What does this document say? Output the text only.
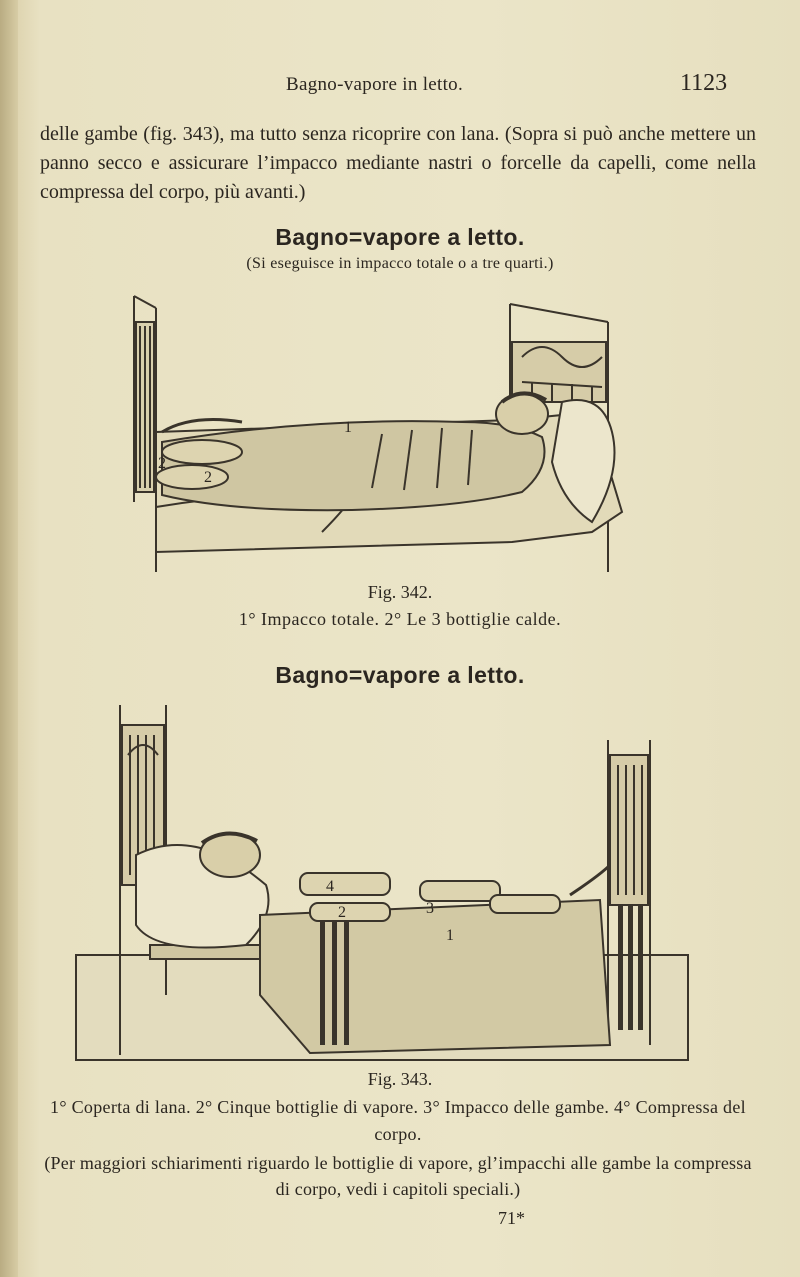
Bagno-vapore in letto.	1123

delle gambe (fig. 343), ma tutto senza ricoprire con lana. (Sopra si può anche mettere un panno secco e assicurare l’impacco mediante nastri o forcelle da capelli, come nella compressa del corpo, più avanti.)

Bagno=vapore a letto.
(Si eseguisce in impacco totale o a tre quarti.)
1
2
2
Fig. 342.
1° Impacco totale. 2° Le 3 bottiglie calde.
Bagno=vapore a letto.
1
2	3
4
Fig. 343.
1° Coperta di lana. 2° Cinque bottiglie di vapore. 3° Impacco delle gambe. 4° Compressa del corpo.
(Per maggiori schiarimenti riguardo le bottiglie di vapore, gl’impacchi alle gambe la compressa di corpo, vedi i capitoli speciali.)
71*
